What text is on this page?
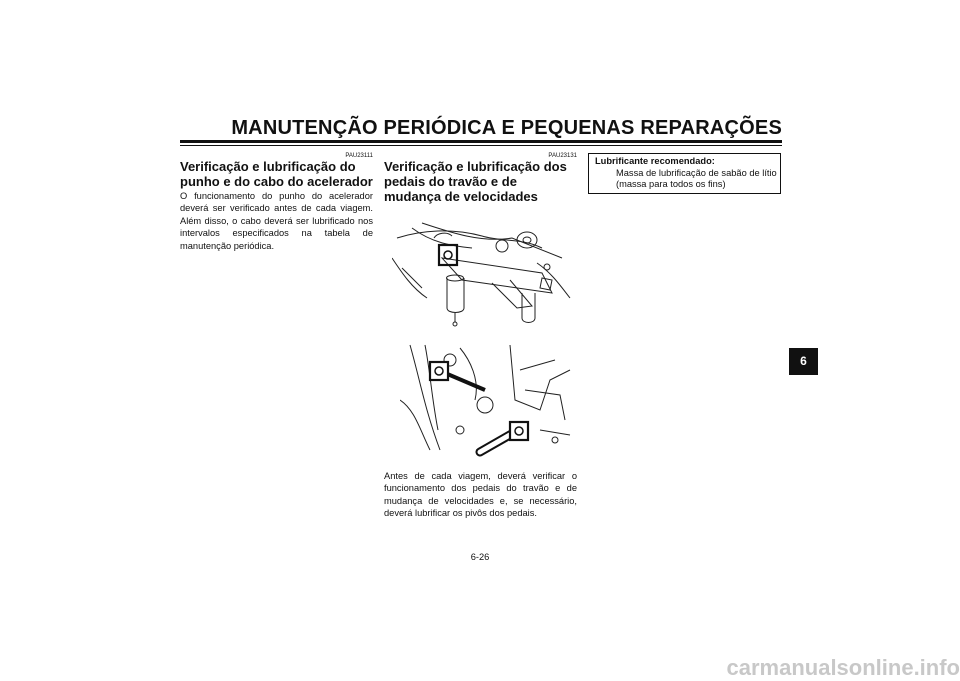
MANUTENÇÃO PERIÓDICA E PEQUENAS REPARAÇÕES
PAU23111
Verificação e lubrificação do punho e do cabo do acelerador
O funcionamento do punho do acelerador deverá ser verificado antes de cada viagem. Além disso, o cabo deverá ser lubrificado nos intervalos especificados na tabela de manutenção periódica.
PAU23131
Verificação e lubrificação dos pedais do travão e de mudança de velocidades
Antes de cada viagem, deverá verificar o funcionamento dos pedais do travão e de mudança de velocidades e, se necessário, deverá lubrificar os pivôs dos pedais.
Lubrificante recomendado:
Massa de lubrificação de sabão de lítio (massa para todos os fins)
6
6-26
carmanualsonline.info
